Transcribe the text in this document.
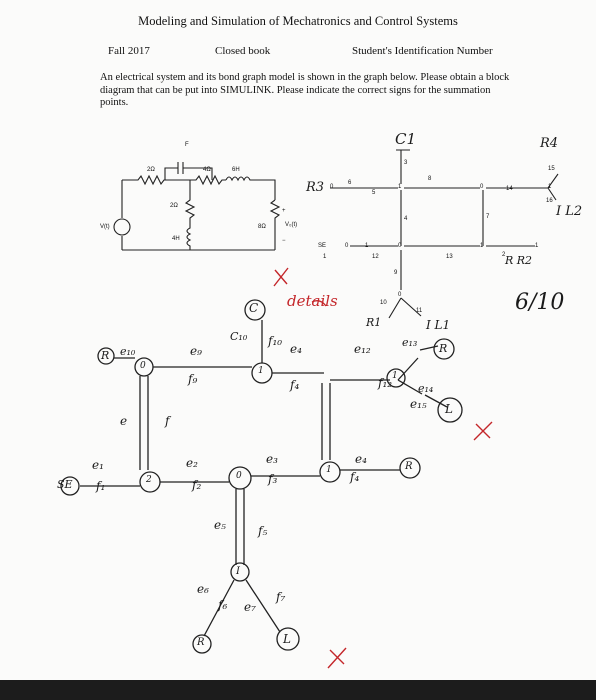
Modeling and Simulation of Mechatronics and Control Systems
Fall 2017	Closed book	Student's Identification Number
An electrical system and its bond graph model is shown in the graph below. Please obtain a block diagram that can be put into SIMULINK. Please indicate the correct signs for the summation points.
F
2Ω	4Ω	6H
2Ω
4H
8Ω
V(t)	V₀(t)
+
−
C1	R4
R3
I L2
SE
R1	I L1
R R2
1	2
3
4
5
6
7
8
9
10
11
12	13
14
15
16
1	0
0	1
0
1
0	1
0
1
6/10
details
C
R
SE
I
R
R
L
R
L
0	1
2	0
1
1
e₁	e₂	e₃
e₄
e₅
e₆
e₇
e₉
e₁₀	e₁₂	e₁₃
e₁₄
e₁₅
e
e₄
f₁	f₂	f₃
f₄
f₅
f₆
f₇
f₉
f₁₀
f₁₂
f₄
f
C₁₀
